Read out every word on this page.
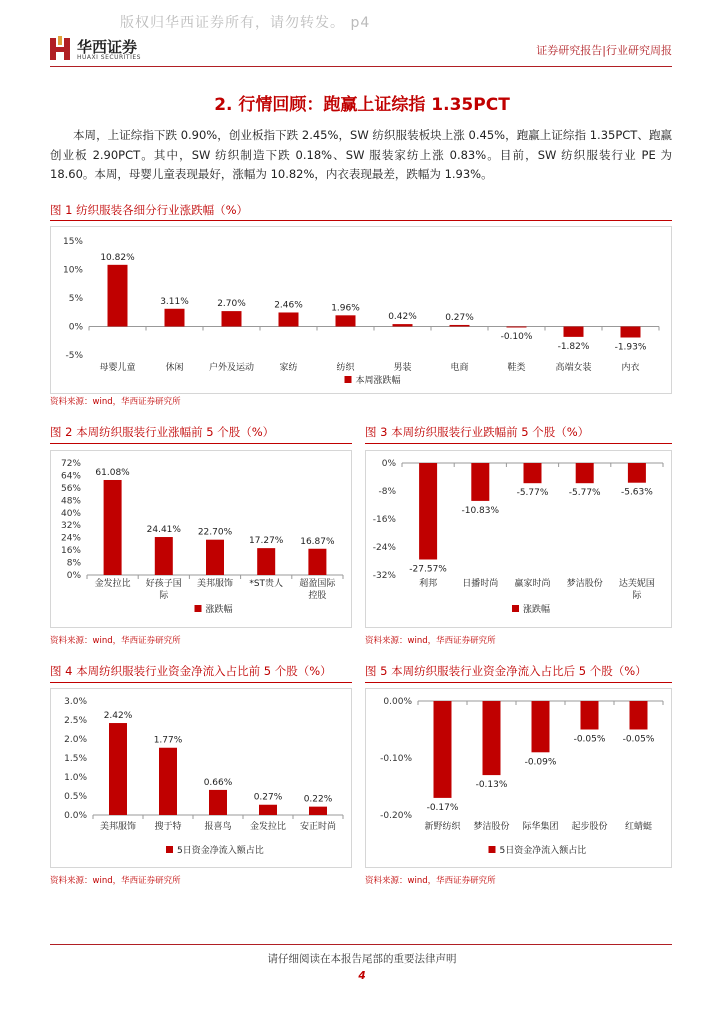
版权归华西证券所有，请勿转发。 p4
华西证券
HUAXI SECURITIES
证券研究报告|行业研究周报
2. 行情回顾：跑赢上证综指 1.35PCT
本周，上证综指下跌 0.90%，创业板指下跌 2.45%，SW 纺织服装板块上涨 0.45%，跑赢上证综指 1.35PCT、跑赢创业板 2.90PCT。其中，SW 纺织制造下跌 0.18%、SW 服装家纺上涨 0.83%。目前，SW 纺织服装行业 PE 为 18.60。本周，母婴儿童表现最好，涨幅为 10.82%，内衣表现最差，跌幅为 1.93%。
图 1 纺织服装各细分行业涨跌幅（%）
15%
10%
5%
0%
-5%
10.82%
母婴儿童
3.11%
休闲
2.70%
户外及运动
2.46%
家纺
1.96%
纺织
0.42%
男装
0.27%
电商
-0.10%
鞋类
-1.82%
高端女装
-1.93%
内衣
本周涨跌幅
资料来源：wind，华西证券研究所
图 2 本周纺织服装行业涨幅前 5 个股（%）
72%
64%
56%
48%
40%
32%
24%
16%
8%
0%
61.08%
金发拉比
24.41%
好孩子国
际
22.70%
美邦服饰
17.27%
*ST贵人
16.87%
超盈国际
控股
涨跌幅
资料来源：wind，华西证券研究所
图 3 本周纺织服装行业跌幅前 5 个股（%）
0%
-8%
-16%
-24%
-32%
-27.57%
利邦
-10.83%
日播时尚
-5.77%
赢家时尚
-5.77%
梦洁股份
-5.63%
达芙妮国
际
涨跌幅
资料来源：wind，华西证券研究所
图 4 本周纺织服装行业资金净流入占比前 5 个股（%）
3.0%
2.5%
2.0%
1.5%
1.0%
0.5%
0.0%
2.42%
美邦服饰
1.77%
搜于特
0.66%
报喜鸟
0.27%
金发拉比
0.22%
安正时尚
5日资金净流入额占比
资料来源：wind，华西证券研究所
图 5 本周纺织服装行业资金净流入占比后 5 个股（%）
0.00%
-0.10%
-0.20%
-0.17%
新野纺织
-0.13%
梦洁股份
-0.09%
际华集团
-0.05%
起步股份
-0.05%
红蜻蜓
5日资金净流入额占比
资料来源：wind，华西证券研究所
请仔细阅读在本报告尾部的重要法律声明
4
